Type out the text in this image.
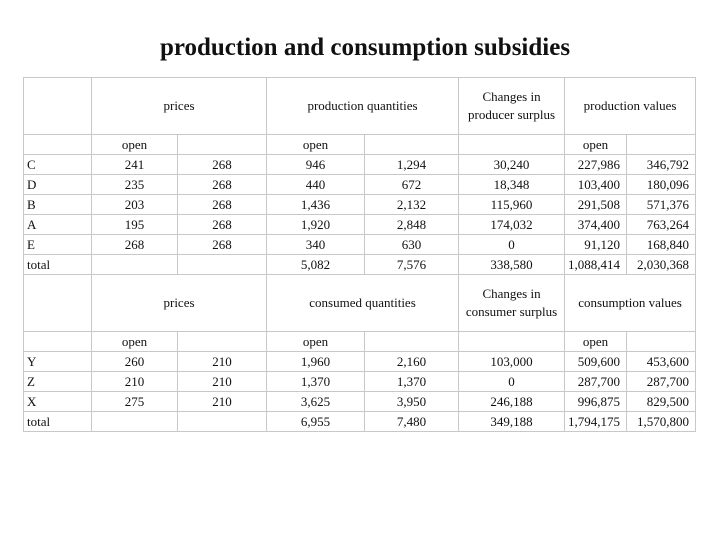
production and consumption subsidies
	prices		production quantities		Changes in producer surplus	production values	
	open		open			open	
C	241	268	946	1,294	30,240	227,986	346,792
D	235	268	440	672	18,348	103,400	180,096
B	203	268	1,436	2,132	115,960	291,508	571,376
A	195	268	1,920	2,848	174,032	374,400	763,264
E	268	268	340	630	0	91,120	168,840
total			5,082	7,576	338,580	1,088,414	2,030,368
	prices		consumed quantities		Changes in consumer surplus	consumption values	
	open		open			open	
Y	260	210	1,960	2,160	103,000	509,600	453,600
Z	210	210	1,370	1,370	0	287,700	287,700
X	275	210	3,625	3,950	246,188	996,875	829,500
total			6,955	7,480	349,188	1,794,175	1,570,800
